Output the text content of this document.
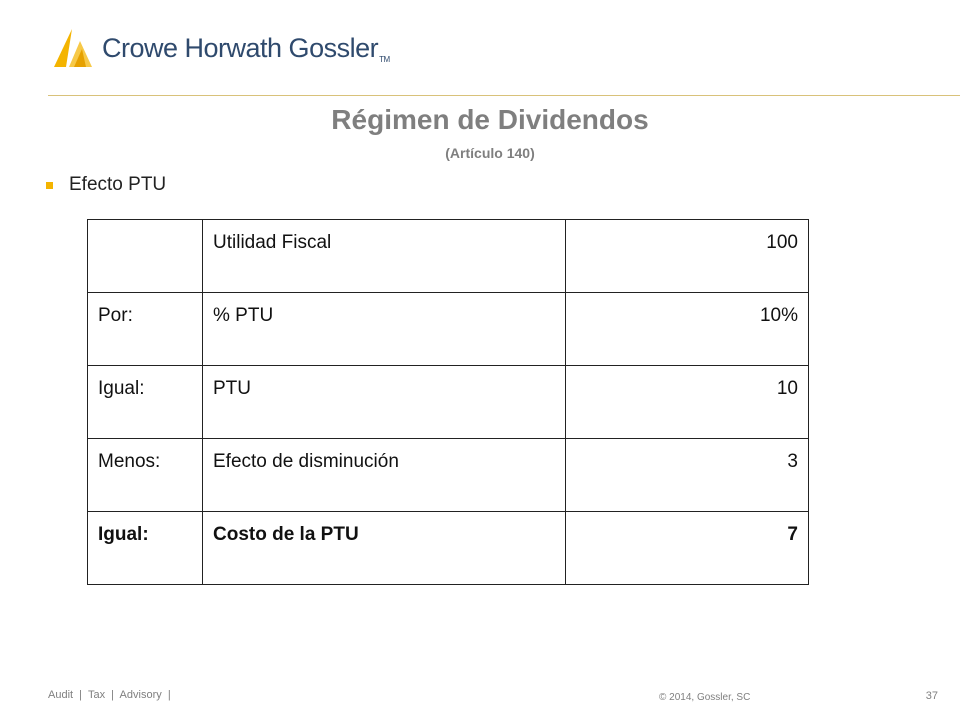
Crowe Horwath GosslerTM
Régimen de Dividendos
(Artículo 140)
Efecto PTU

	Utilidad Fiscal	100

Por:	% PTU	10%

Igual:	PTU	10

Menos:	Efecto de disminución	3

Igual:	Costo de la PTU	7
Audit  |  Tax  |  Advisory  |	© 2014, Gossler, SC	37
